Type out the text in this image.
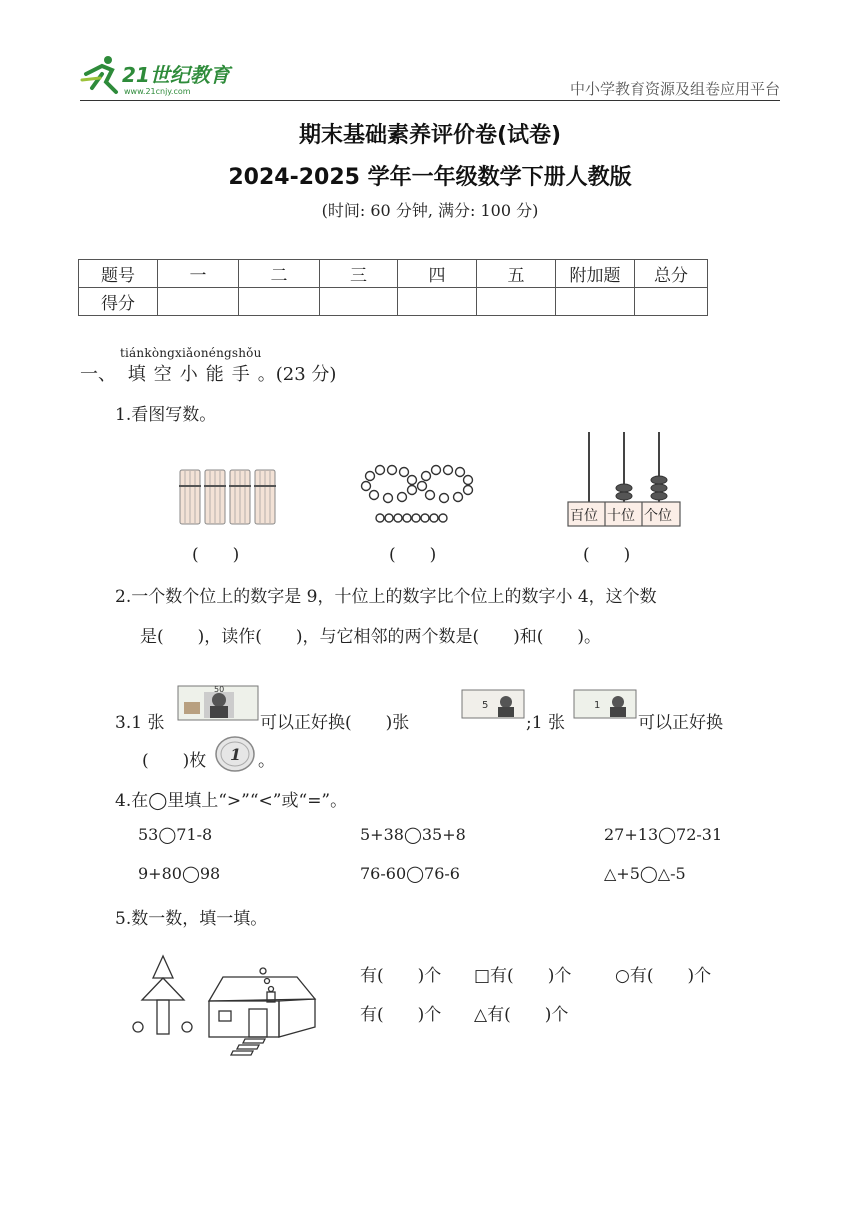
21世纪教育
www.21cnjy.com	中小学教育资源及组卷应用平台
期末基础素养评价卷(试卷)
2024-2025 学年一年级数学下册人教版
(时间: 60 分钟, 满分: 100 分)
题号	一	二	三	四	五	附加题	总分
得分							
tiánkòngxiǎonéngshǒu
一、 填空小能手。(23 分)
1.看图写数。
百位 十位 个位
(　　)	(　　)	(　　)
2.一个数个位上的数字是 9，十位上的数字比个位上的数字小 4，这个数
是(　　)，读作(　　)，与它相邻的两个数是(　　)和(　　)。
3.1 张
50
可以正好换(　　)张
5
;1 张
1
可以正好换
(　　)枚 1 。
4.在◯里填上“>”“<”或“=”。
53◯71-8	5+38◯35+8	27+13◯72-31
9+80◯98	76-60◯76-6	△+5◯△-5
5.数一数，填一填。
有(　　)个 □有(　　)个	○有(　　)个
有(　　)个 △有(　　)个
